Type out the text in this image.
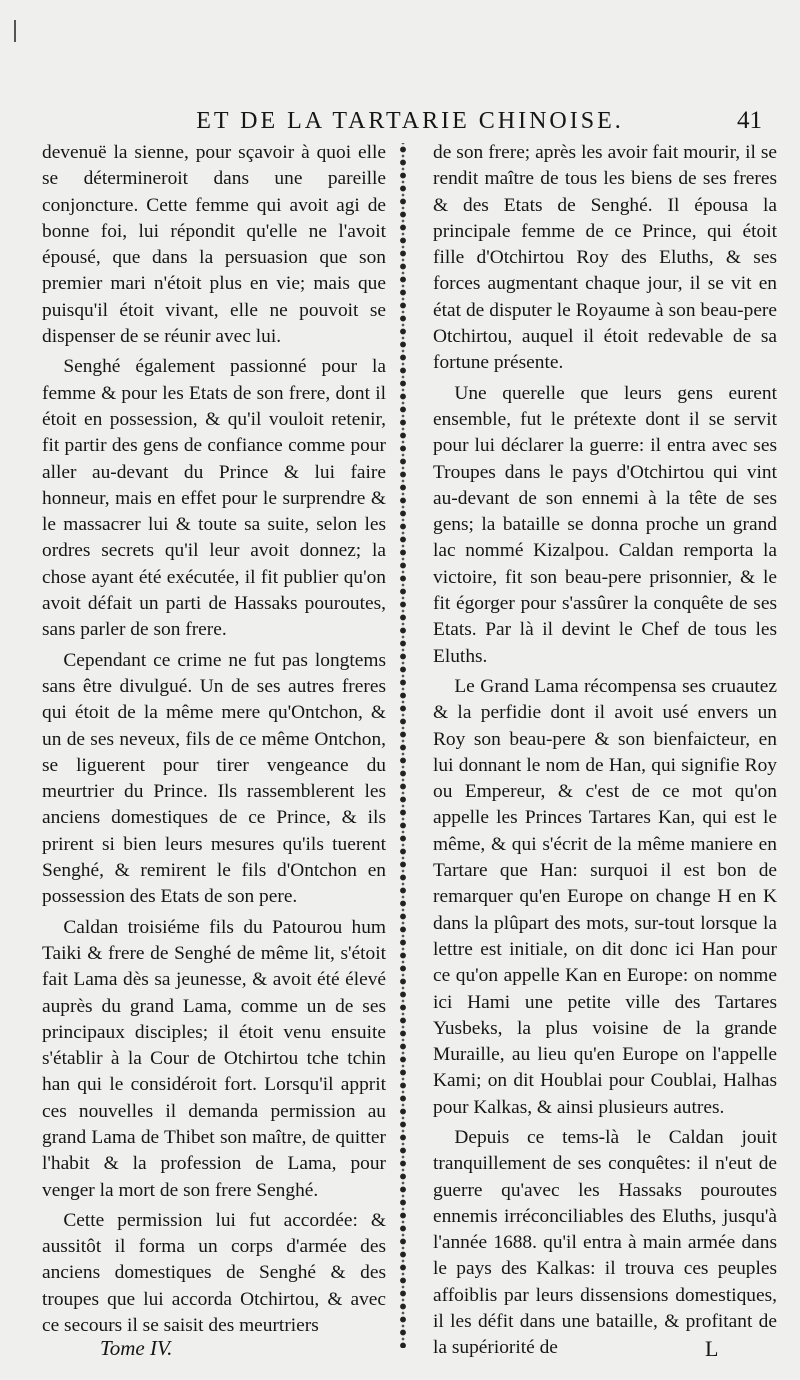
ET DE LA TARTARIE CHINOISE.	41

devenuë la sienne, pour sçavoir à quoi elle se détermineroit dans une pareille conjoncture. Cette femme qui avoit agi de bonne foi, lui répondit qu'elle ne l'avoit épousé, que dans la persuasion que son premier mari n'étoit plus en vie; mais que puisqu'il étoit vivant, elle ne pouvoit se dispenser de se réunir avec lui.

Senghé également passionné pour la femme & pour les Etats de son frere, dont il étoit en possession, & qu'il vouloit retenir, fit partir des gens de confiance comme pour aller au-devant du Prince & lui faire honneur, mais en effet pour le surprendre & le massacrer lui & toute sa suite, selon les ordres secrets qu'il leur avoit donnez; la chose ayant été exécutée, il fit publier qu'on avoit défait un parti de Hassaks pouroutes, sans parler de son frere.

Cependant ce crime ne fut pas longtems sans être divulgué. Un de ses autres freres qui étoit de la même mere qu'Ontchon, & un de ses neveux, fils de ce même Ontchon, se liguerent pour tirer vengeance du meurtrier du Prince. Ils rassemblerent les anciens domestiques de ce Prince, & ils prirent si bien leurs mesures qu'ils tuerent Senghé, & remirent le fils d'Ontchon en possession des Etats de son pere.

Caldan troisiéme fils du Patourou hum Taiki & frere de Senghé de même lit, s'étoit fait Lama dès sa jeunesse, & avoit été élevé auprès du grand Lama, comme un de ses principaux disciples; il étoit venu ensuite s'établir à la Cour de Otchirtou tche tchin han qui le considéroit fort. Lorsqu'il apprit ces nouvelles il demanda permission au grand Lama de Thibet son maître, de quitter l'habit & la profession de Lama, pour venger la mort de son frere Senghé.

Cette permission lui fut accordée: & aussitôt il forma un corps d'armée des anciens domestiques de Senghé & des troupes que lui accorda Otchirtou, & avec ce secours il se saisit des meurtriers

de son frere; après les avoir fait mourir, il se rendit maître de tous les biens de ses freres & des Etats de Senghé. Il épousa la principale femme de ce Prince, qui étoit fille d'Otchirtou Roy des Eluths, & ses forces augmentant chaque jour, il se vit en état de disputer le Royaume à son beau-pere Otchirtou, auquel il étoit redevable de sa fortune présente.

Une querelle que leurs gens eurent ensemble, fut le prétexte dont il se servit pour lui déclarer la guerre: il entra avec ses Troupes dans le pays d'Otchirtou qui vint au-devant de son ennemi à la tête de ses gens; la bataille se donna proche un grand lac nommé Kizalpou. Caldan remporta la victoire, fit son beau-pere prisonnier, & le fit égorger pour s'assûrer la conquête de ses Etats. Par là il devint le Chef de tous les Eluths.

Le Grand Lama récompensa ses cruautez & la perfidie dont il avoit usé envers un Roy son beau-pere & son bienfaicteur, en lui donnant le nom de Han, qui signifie Roy ou Empereur, & c'est de ce mot qu'on appelle les Princes Tartares Kan, qui est le même, & qui s'écrit de la même maniere en Tartare que Han: surquoi il est bon de remarquer qu'en Europe on change H en K dans la plûpart des mots, sur-tout lorsque la lettre est initiale, on dit donc ici Han pour ce qu'on appelle Kan en Europe: on nomme ici Hami une petite ville des Tartares Yusbeks, la plus voisine de la grande Muraille, au lieu qu'en Europe on l'appelle Kami; on dit Houblai pour Coublai, Halhas pour Kalkas, & ainsi plusieurs autres.

Depuis ce tems-là le Caldan jouit tranquillement de ses conquêtes: il n'eut de guerre qu'avec les Hassaks pouroutes ennemis irréconciliables des Eluths, jusqu'à l'année 1688. qu'il entra à main armée dans le pays des Kalkas: il trouva ces peuples affoiblis par leurs dissensions domestiques, il les défit dans une bataille, & profitant de la supériorité de

Tome IV.	L
